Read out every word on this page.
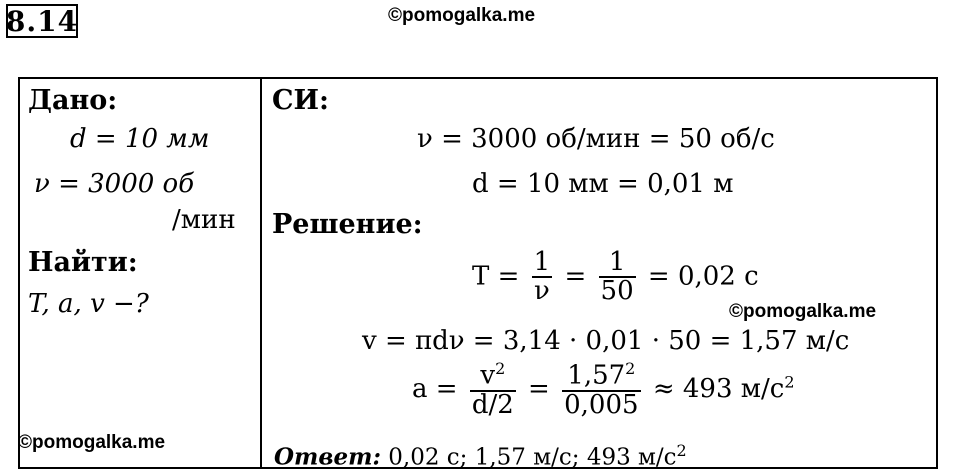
8.14	©pomogalka.me
Дано:
d = 10 мм
ν = 3000 об
/мин
Найти:
T, a, v −?
СИ:
ν = 3000 об/мин = 50 об/с
d = 10 мм = 0,01 м
Решение:
$T = \frac{1}{\nu} = \frac{1}{50} = 0,02$ с
v = πdν = 3,14 · 0,01 · 50 = 1,57 м/с
$a = \frac{v^2}{d/2} = \frac{1,57^2}{0,005} \approx 493$ $м/с^2$
Ответ: 0,02 с; 1,57 м/с; 493 $м/с^2$
©pomogalka.me
©pomogalka.me
